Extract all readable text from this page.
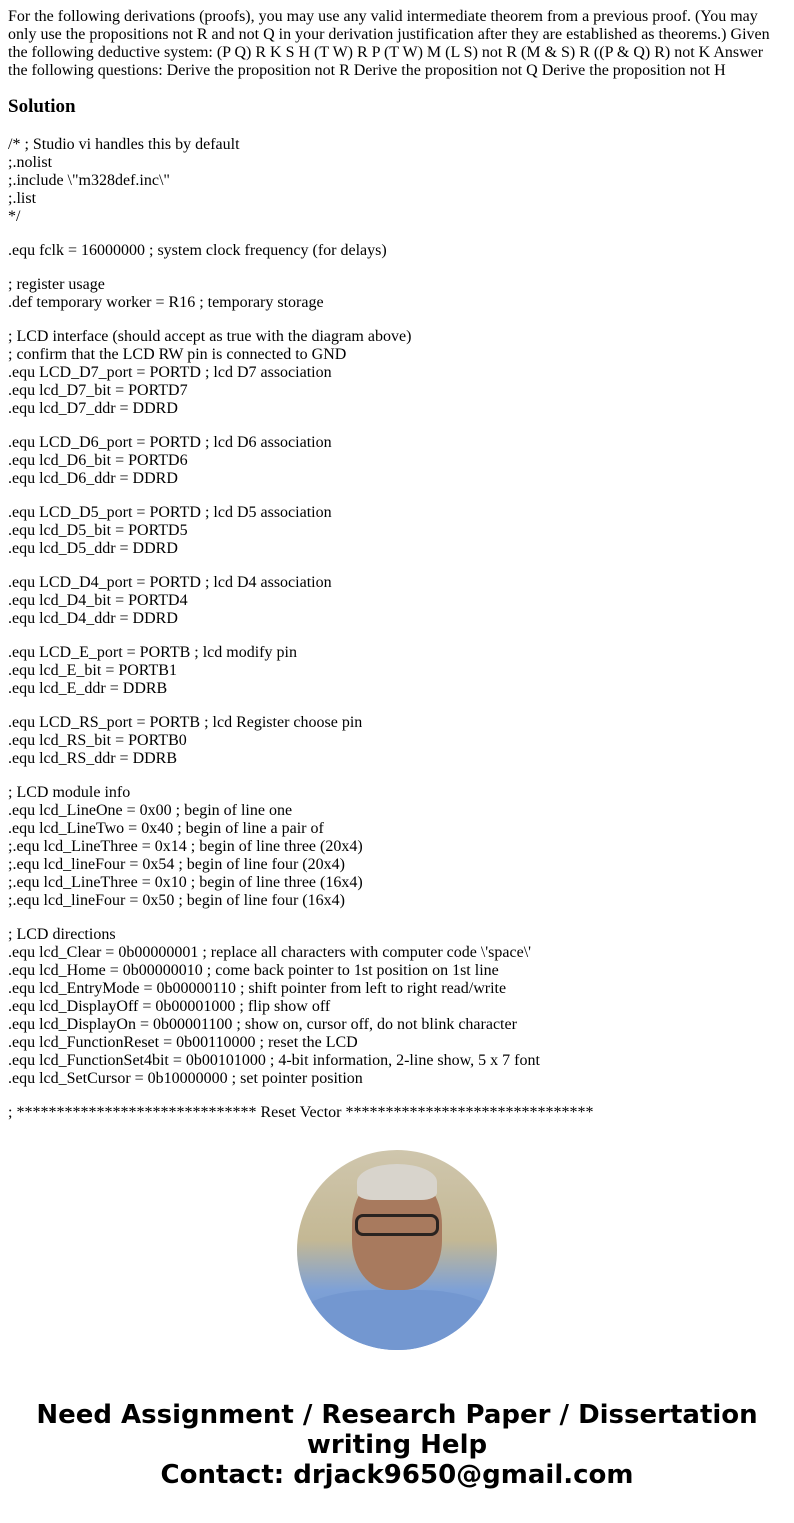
For the following derivations (proofs), you may use any valid intermediate theorem from a previous proof. (You may only use the propositions not R and not Q in your derivation justification after they are established as theorems.) Given the following deductive system: (P Q) R K S H (T W) R P (T W) M (L S) not R (M & S) R ((P & Q) R) not K Answer the following questions: Derive the proposition not R Derive the proposition not Q Derive the proposition not H

Solution
/* ; Studio vi handles this by default
;.nolist
;.include \"m328def.inc\"
;.list
*/
.equ fclk = 16000000 ; system clock frequency (for delays)
; register usage
.def temporary worker = R16 ; temporary storage
; LCD interface (should accept as true with the diagram above)
; confirm that the LCD RW pin is connected to GND
.equ LCD_D7_port = PORTD ; lcd D7 association
.equ lcd_D7_bit = PORTD7
.equ lcd_D7_ddr = DDRD
.equ LCD_D6_port = PORTD ; lcd D6 association
.equ lcd_D6_bit = PORTD6
.equ lcd_D6_ddr = DDRD
.equ LCD_D5_port = PORTD ; lcd D5 association
.equ lcd_D5_bit = PORTD5
.equ lcd_D5_ddr = DDRD
.equ LCD_D4_port = PORTD ; lcd D4 association
.equ lcd_D4_bit = PORTD4
.equ lcd_D4_ddr = DDRD
.equ LCD_E_port = PORTB ; lcd modify pin
.equ lcd_E_bit = PORTB1
.equ lcd_E_ddr = DDRB
.equ LCD_RS_port = PORTB ; lcd Register choose pin
.equ lcd_RS_bit = PORTB0
.equ lcd_RS_ddr = DDRB
; LCD module info
.equ lcd_LineOne = 0x00 ; begin of line one
.equ lcd_LineTwo = 0x40 ; begin of line a pair of
;.equ lcd_LineThree = 0x14 ; begin of line three (20x4)
;.equ lcd_lineFour = 0x54 ; begin of line four (20x4)
;.equ lcd_LineThree = 0x10 ; begin of line three (16x4)
;.equ lcd_lineFour = 0x50 ; begin of line four (16x4)
; LCD directions
.equ lcd_Clear = 0b00000001 ; replace all characters with computer code \'space\'
.equ lcd_Home = 0b00000010 ; come back pointer to 1st position on 1st line
.equ lcd_EntryMode = 0b00000110 ; shift pointer from left to right read/write
.equ lcd_DisplayOff = 0b00001000 ; flip show off
.equ lcd_DisplayOn = 0b00001100 ; show on, cursor off, do not blink character
.equ lcd_FunctionReset = 0b00110000 ; reset the LCD
.equ lcd_FunctionSet4bit = 0b00101000 ; 4-bit information, 2-line show, 5 x 7 font
.equ lcd_SetCursor = 0b10000000 ; set pointer position
; ****************************** Reset Vector *******************************
Need Assignment / Research Paper / Dissertation writing Help
Contact: drjack9650@gmail.com
